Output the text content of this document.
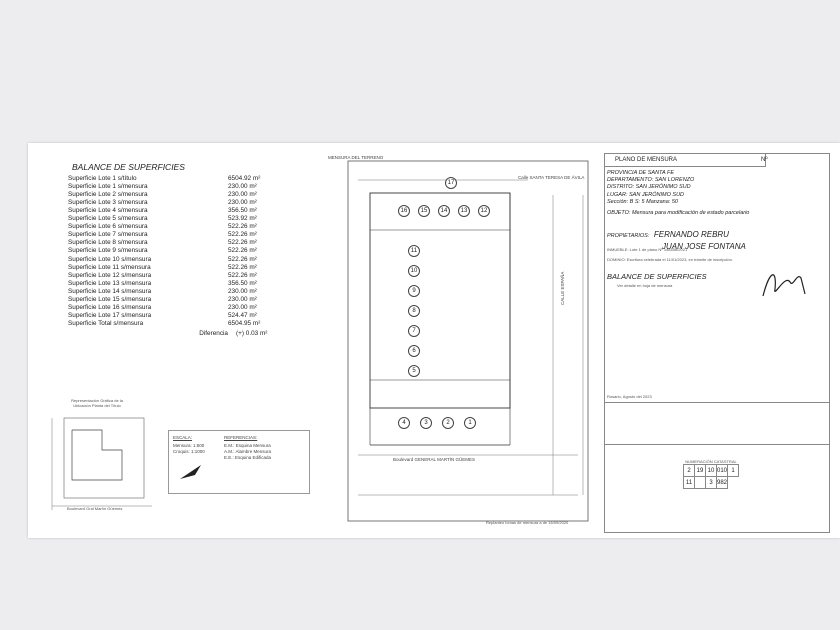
BALANCE DE SUPERFICIES
Superficie Lote 1 s/título	6504.92 m²
Superficie Lote 1 s/mensura	230.00 m²
Superficie Lote 2 s/mensura	230.00 m²
Superficie Lote 3 s/mensura	230.00 m²
Superficie Lote 4 s/mensura	356.50 m²
Superficie Lote 5 s/mensura	523.92 m²
Superficie Lote 6 s/mensura	522.26 m²
Superficie Lote 7 s/mensura	522.26 m²
Superficie Lote 8 s/mensura	522.26 m²
Superficie Lote 9 s/mensura	522.26 m²
Superficie Lote 10 s/mensura	522.26 m²
Superficie Lote 11 s/mensura	522.26 m²
Superficie Lote 12 s/mensura	522.26 m²
Superficie Lote 13 s/mensura	356.50 m²
Superficie Lote 14 s/mensura	230.00 m²
Superficie Lote 15 s/mensura	230.00 m²
Superficie Lote 16 s/mensura	230.00 m²
Superficie Lote 17 s/mensura	524.47 m²
Superficie Total s/mensura	6504.95 m²
Diferencia	(+) 0.03 m²
Representación Gráfica de la Ubicación Planta del Título
Boulevard Gral Martín Güemes
ESCALA:
Mensura: 1:600
Croquis: 1:1000
REFERENCIAS:
E.M.: Esquina Mensura
A.M.: Alambre Mensura
E.E.: Esquina Edificada
MENSURA DEL TERRENO
17
16	15	14	13	12
11
10
9
8
7
6
5
4	3	2	1
Boulevard GENERAL MARTÍN GÜEMES
Calle SANTA TERESA DE ÁVILA
CALLE ESPAÑA
Replanteo lomas de mensura a de 16/09/2020
PLANO DE MENSURA	Nº
PROVINCIA DE SANTA FE
DEPARTAMENTO: SAN LORENZO
DISTRITO: SAN JERÓNIMO SUD
LUGAR: SAN JERÓNIMO SUD
Sección: B S: 5 Manzana: 50
OBJETO: Mensura para modificación de estado parcelario
PROPIETARIOS: FERNANDO REBRU
JUAN JOSE FONTANA
INMUEBLE: Lote 1 de plano Nº 148456/2021
DOMINIO: Escritura celebrada el 11/01/2023, en trámite de inscripción.
BALANCE DE SUPERFICIES
Ver detalle en hoja de mensura
Rosario, Agosto del 2023
NUMERACIÓN CATASTRAL
2	19	10	010	1
11		3	982	
